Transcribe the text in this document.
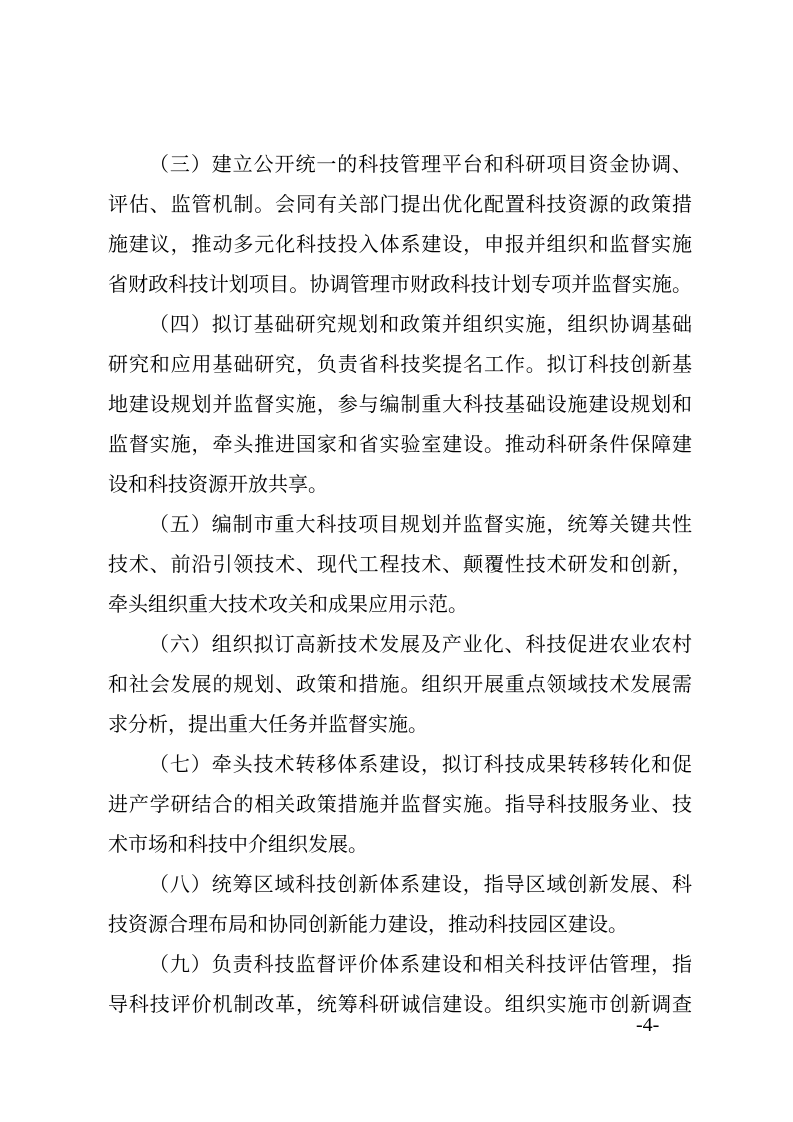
（三）建立公开统一的科技管理平台和科研项目资金协调、
评估、监管机制。会同有关部门提出优化配置科技资源的政策措
施建议，推动多元化科技投入体系建设，申报并组织和监督实施
省财政科技计划项目。协调管理市财政科技计划专项并监督实施。
（四）拟订基础研究规划和政策并组织实施，组织协调基础
研究和应用基础研究，负责省科技奖提名工作。拟订科技创新基
地建设规划并监督实施，参与编制重大科技基础设施建设规划和
监督实施，牵头推进国家和省实验室建设。推动科研条件保障建
设和科技资源开放共享。
（五）编制市重大科技项目规划并监督实施，统筹关键共性
技术、前沿引领技术、现代工程技术、颠覆性技术研发和创新，
牵头组织重大技术攻关和成果应用示范。
（六）组织拟订高新技术发展及产业化、科技促进农业农村
和社会发展的规划、政策和措施。组织开展重点领域技术发展需
求分析，提出重大任务并监督实施。
（七）牵头技术转移体系建设，拟订科技成果转移转化和促
进产学研结合的相关政策措施并监督实施。指导科技服务业、技
术市场和科技中介组织发展。
（八）统筹区域科技创新体系建设，指导区域创新发展、科
技资源合理布局和协同创新能力建设，推动科技园区建设。
（九）负责科技监督评价体系建设和相关科技评估管理，指
导科技评价机制改革，统筹科研诚信建设。组织实施市创新调查
-4-
